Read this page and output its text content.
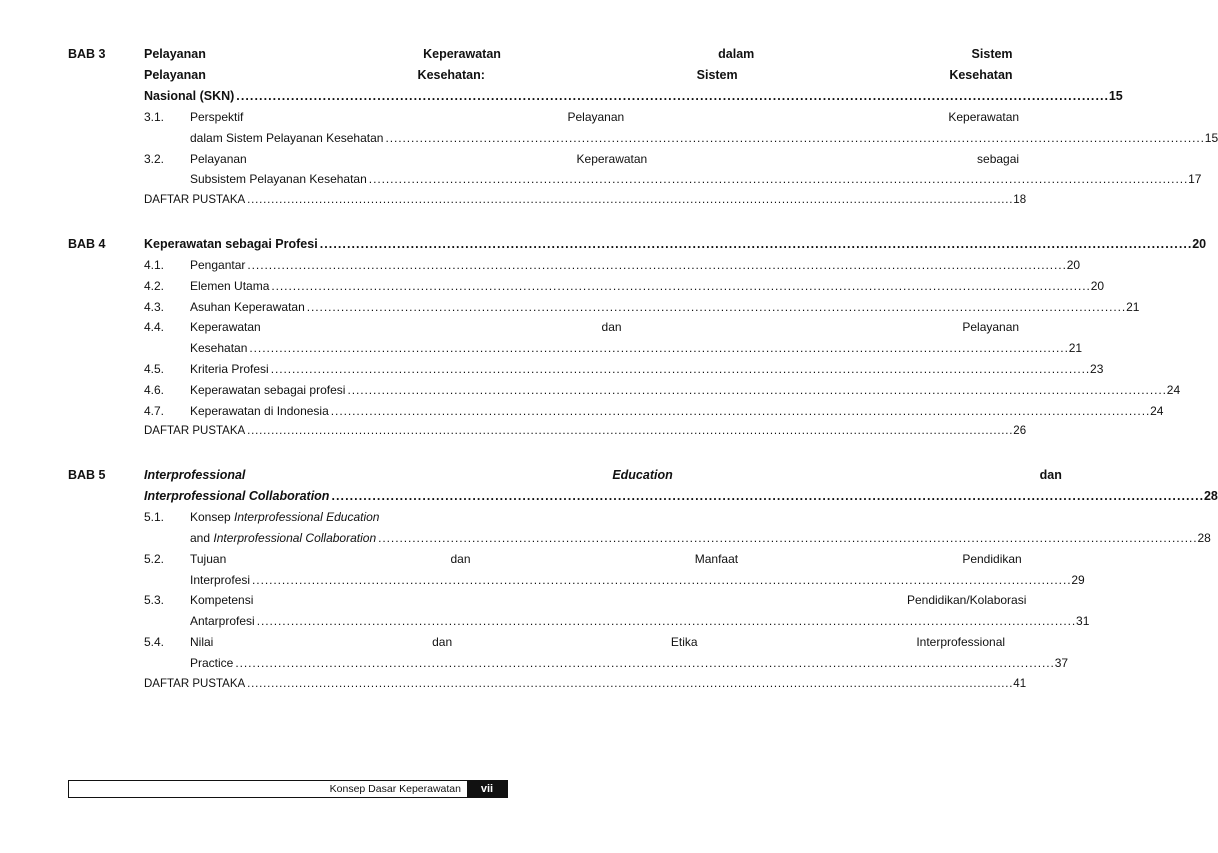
BAB 3	Pelayanan Keperawatan dalam Sistem
Pelayanan Kesehatan: Sistem Kesehatan
Nasional (SKN) . . .	15
3.1.	Perspektif Pelayanan Keperawatan
dalam Sistem Pelayanan Kesehatan . . .	15
3.2.	Pelayanan Keperawatan sebagai
Subsistem Pelayanan Kesehatan . . .	17
DAFTAR PUSTAKA . . .	18
BAB 4	Keperawatan sebagai Profesi . . .	20
4.1.	Pengantar . . .	20
4.2.	Elemen Utama . . .	20
4.3.	Asuhan Keperawatan . . .	21
4.4.	Keperawatan dan Pelayanan
Kesehatan . . .	21
4.5.	Kriteria Profesi . . .	23
4.6.	Keperawatan sebagai profesi . . .	24
4.7.	Keperawatan di Indonesia . . .	24
DAFTAR PUSTAKA . . .	26
BAB 5	Interprofessional	Education	dan
Interprofessional Collaboration . . .	28
5.1.	Konsep Interprofessional Education
and Interprofessional Collaboration . . .	28
5.2.	Tujuan dan Manfaat Pendidikan
Interprofesi . . .	29
5.3.	Kompetensi Pendidikan/Kolaborasi
Antarprofesi . . .	31
5.4.	Nilai dan Etika Interprofessional
Practice . . .	37
DAFTAR PUSTAKA . . .	41
Konsep Dasar Keperawatan	vii
